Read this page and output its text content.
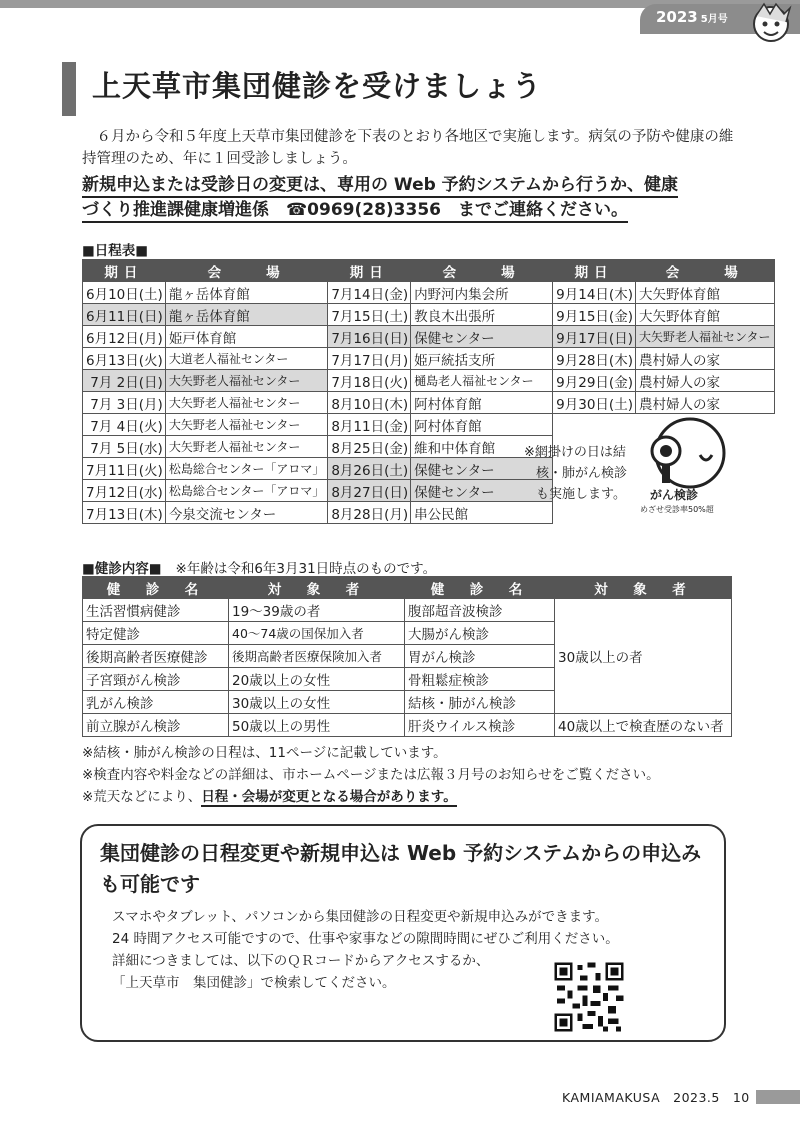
2023 5月号
上天草市集団健診を受けましょう

６月から令和５年度上天草市集団健診を下表のとおり各地区で実施します。病気の予防や健康の維持管理のため、年に１回受診しましょう。

新規申込または受診日の変更は、専用の Web 予約システムから行うか、健康
づくり推進課健康増進係　☎0969(28)3356　までご連絡ください。
■日程表■
期日	会　　場	期日	会　　場	期日	会　　場
6月10日(土)	龍ヶ岳体育館	7月14日(金)	内野河内集会所	9月14日(木)	大矢野体育館
6月11日(日)	龍ヶ岳体育館	7月15日(土)	教良木出張所	9月15日(金)	大矢野体育館
6月12日(月)	姫戸体育館	7月16日(日)	保健センター	9月17日(日)	大矢野老人福祉センター
6月13日(火)	大道老人福祉センター	7月17日(月)	姫戸統括支所	9月28日(木)	農村婦人の家
7月 2日(日)	大矢野老人福祉センター	7月18日(火)	樋島老人福祉センター	9月29日(金)	農村婦人の家
7月 3日(月)	大矢野老人福祉センター	8月10日(木)	阿村体育館	9月30日(土)	農村婦人の家
7月 4日(火)	大矢野老人福祉センター	8月11日(金)	阿村体育館		
7月 5日(水)	大矢野老人福祉センター	8月25日(金)	維和中体育館		
7月11日(火)	松島総合センター「アロマ」	8月26日(土)	保健センター		
7月12日(水)	松島総合センター「アロマ」	8月27日(日)	保健センター		
7月13日(木)	今泉交流センター	8月28日(月)	串公民館		
※網掛けの日は結
核・肺がん検診
も実施します。 がん検診
めざせ受診率50%超
■健診内容■ ※年齢は令和6年3月31日時点のものです。
健　診　名	対　象　者	健　診　名	対　象　者
生活習慣病健診	19～39歳の者	腹部超音波検診	30歳以上の者
特定健診	40～74歳の国保加入者	大腸がん検診	
後期高齢者医療健診	後期高齢者医療保険加入者	胃がん検診	
子宮頸がん検診	20歳以上の女性	骨粗鬆症検診	
乳がん検診	30歳以上の女性	結核・肺がん検診	
前立腺がん検診	50歳以上の男性	肝炎ウイルス検診	40歳以上で検査歴のない者
※結核・肺がん検診の日程は、11ページに記載しています。
※検査内容や料金などの詳細は、市ホームページまたは広報３月号のお知らせをご覧ください。
※荒天などにより、日程・会場が変更となる場合があります。
集団健診の日程変更や新規申込は Web 予約システムからの申込みも可能です
スマホやタブレット、パソコンから集団健診の日程変更や新規申込みができます。
24 時間アクセス可能ですので、仕事や家事などの隙間時間にぜひご利用ください。
詳細につきましては、以下のＱＲコードからアクセスするか、
「上天草市　集団健診」で検索してください。
KAMIAMAKUSA　2023.5　10
